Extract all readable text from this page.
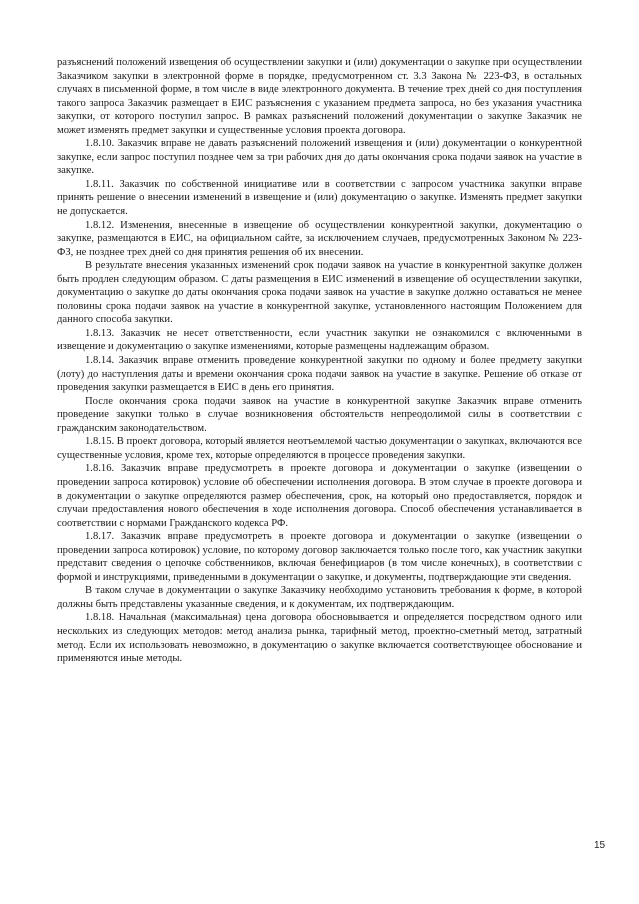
разъяснений положений извещения об осуществлении закупки и (или) документации о закупке при осуществлении Заказчиком закупки в электронной форме в порядке, предусмотренном ст. 3.3 Закона № 223-ФЗ, в остальных случаях в письменной форме, в том числе в виде электронного документа. В течение трех дней со дня поступления такого запроса Заказчик размещает в ЕИС разъяснения с указанием предмета запроса, но без указания участника закупки, от которого поступил запрос. В рамках разъяснений положений документации о закупке Заказчик не может изменять предмет закупки и существенные условия проекта договора.

1.8.10. Заказчик вправе не давать разъяснений положений извещения и (или) документации о конкурентной закупке, если запрос поступил позднее чем за три рабочих дня до даты окончания срока подачи заявок на участие в закупке.

1.8.11. Заказчик по собственной инициативе или в соответствии с запросом участника закупки вправе принять решение о внесении изменений в извещение и (или) документацию о закупке. Изменять предмет закупки не допускается.

1.8.12. Изменения, внесенные в извещение об осуществлении конкурентной закупки, документацию о закупке, размещаются в ЕИС, на официальном сайте, за исключением случаев, предусмотренных Законом № 223-ФЗ, не позднее трех дней со дня принятия решения об их внесении.

В результате внесения указанных изменений срок подачи заявок на участие в конкурентной закупке должен быть продлен следующим образом. С даты размещения в ЕИС изменений в извещение об осуществлении закупки, документацию о закупке до даты окончания срока подачи заявок на участие в закупке должно оставаться не менее половины срока подачи заявок на участие в конкурентной закупке, установленного настоящим Положением для данного способа закупки.

1.8.13. Заказчик не несет ответственности, если участник закупки не ознакомился с включенными в извещение и документацию о закупке изменениями, которые размещены надлежащим образом.

1.8.14. Заказчик вправе отменить проведение конкурентной закупки по одному и более предмету закупки (лоту) до наступления даты и времени окончания срока подачи заявок на участие в закупке. Решение об отказе от проведения закупки размещается в ЕИС в день его принятия.

После окончания срока подачи заявок на участие в конкурентной закупке Заказчик вправе отменить проведение закупки только в случае возникновения обстоятельств непреодолимой силы в соответствии с гражданским законодательством.

1.8.15. В проект договора, который является неотъемлемой частью документации о закупках, включаются все существенные условия, кроме тех, которые определяются в процессе проведения закупки.

1.8.16. Заказчик вправе предусмотреть в проекте договора и документации о закупке (извещении о проведении запроса котировок) условие об обеспечении исполнения договора. В этом случае в проекте договора и в документации о закупке определяются размер обеспечения, срок, на который оно предоставляется, порядок и случаи предоставления нового обеспечения в ходе исполнения договора. Способ обеспечения устанавливается в соответствии с нормами Гражданского кодекса РФ.

1.8.17. Заказчик вправе предусмотреть в проекте договора и документации о закупке (извещении о проведении запроса котировок) условие, по которому договор заключается только после того, как участник закупки представит сведения о цепочке собственников, включая бенефициаров (в том числе конечных), в соответствии с формой и инструкциями, приведенными в документации о закупке, и документы, подтверждающие эти сведения.

В таком случае в документации о закупке Заказчику необходимо установить требования к форме, в которой должны быть представлены указанные сведения, и к документам, их подтверждающим.

1.8.18. Начальная (максимальная) цена договора обосновывается и определяется посредством одного или нескольких из следующих методов: метод анализа рынка, тарифный метод, проектно-сметный метод, затратный метод. Если их использовать невозможно, в документацию о закупке включается соответствующее обоснование и применяются иные методы.

15
